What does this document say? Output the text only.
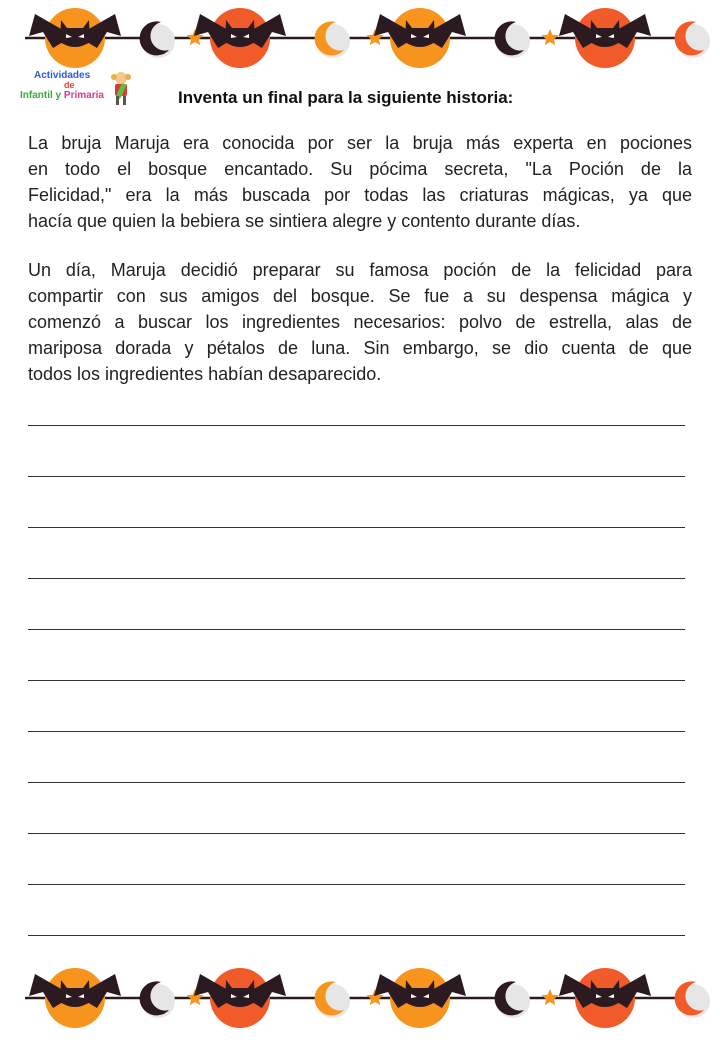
Actividades
de
Infantil y Primaria	Inventa un final para la siguiente historia:
La bruja Maruja era conocida por ser la bruja más experta en pociones
en todo el bosque encantado. Su pócima secreta, "La Poción de la
Felicidad," era la más buscada por todas las criaturas mágicas, ya que
hacía que quien la bebiera se sintiera alegre y contento durante días.
Un día, Maruja decidió preparar su famosa poción de la felicidad para
compartir con sus amigos del bosque. Se fue a su despensa mágica y
comenzó a buscar los ingredientes necesarios: polvo de estrella, alas de
mariposa dorada y pétalos de luna. Sin embargo, se dio cuenta de que
todos los ingredientes habían desaparecido.
